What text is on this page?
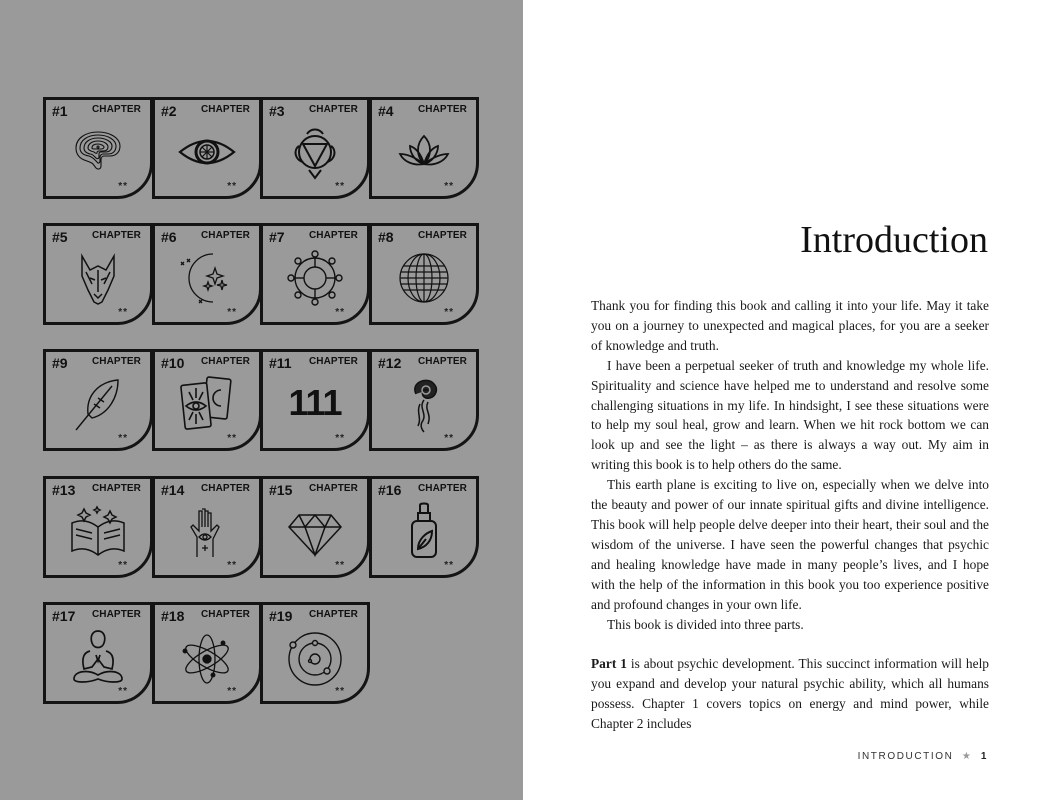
#1 CHAPTER
**
#2 CHAPTER
**
#3 CHAPTER
**
#4 CHAPTER
**
#5 CHAPTER
**
#6 CHAPTER
**
#7 CHAPTER
**
#8 CHAPTER
**
#9 CHAPTER
**
#10 CHAPTER
**
#11 CHAPTER
111
**
#12 CHAPTER
**
#13 CHAPTER
**
#14 CHAPTER
**
#15 CHAPTER
**
#16 CHAPTER
**
#17 CHAPTER
**
#18 CHAPTER
**
#19 CHAPTER
**
Introduction

Thank you for finding this book and calling it into your life. May it take you on a journey to unexpected and magical places, for you are a seeker of knowledge and truth.

I have been a perpetual seeker of truth and knowledge my whole life. Spirituality and science have helped me to understand and resolve some challenging situations in my life. In hindsight, I see these situations were to help my soul heal, grow and learn. When we hit rock bottom we can look up and see the light – as there is always a way out. My aim in writing this book is to help others do the same.

This earth plane is exciting to live on, especially when we delve into the beauty and power of our innate spiritual gifts and divine intelligence. This book will help people delve deeper into their heart, their soul and the wisdom of the universe. I have seen the powerful changes that psychic and healing knowledge have made in many people’s lives, and I hope with the help of the information in this book you too experience positive and profound changes in your own life.

This book is divided into three parts.

Part 1 is about psychic development. This succinct information will help you expand and develop your natural psychic ability, which all humans possess. Chapter 1 covers topics on energy and mind power, while Chapter 2 includes

INTRODUCTION ★ 1
